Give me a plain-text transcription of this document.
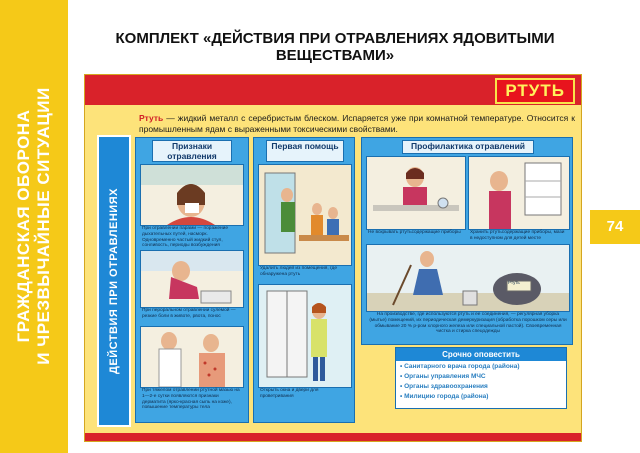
ГРАЖДАНСКАЯ ОБОРОНА И ЧРЕЗВЫЧАЙНЫЕ СИТУАЦИИ	74
КОМПЛЕКТ «ДЕЙСТВИЯ ПРИ ОТРАВЛЕНИЯХ ЯДОВИТЫМИ
ВЕЩЕСТВАМИ»
РТУТЬ
Ртуть — жидкий металл с серебристым блеском. Испаряется уже при комнатной температуре. Относится к промышленным ядам с выраженными токсическими свойствами.
ДЕЙСТВИЯ ПРИ ОТРАВЛЕНИЯХ
Признаки отравления
При отравлении парами — поражение дыхательных путей, насморк. Одновременно частый жидкий стул, сонливость, периоды возбуждения
При пероральном отравлении сулемой — резкие боли в животе, рвота, понос
При тяжелом отравлении ртутной мазью на 1—2-е сутки появляются признаки дерматита (ярко-красная сыпь на коже), повышение температуры тела
Первая помощь
Удалить людей из помещения, где обнаружена ртуть
Открыть окна и двери для проветривания
Профилактика отравлений
Не вскрывать ртутьсодержащие приборы	Хранить ртутьсодержащие приборы, мази в недоступном для детей месте
Ртуть
На производстве, где используются ртуть и ее соединения, — регулярная уборка (мытье) помещений, их периодическая демеркуризация (обработка порошком серы или обмывание 20 % р-ром хлорного железа или специальной пастой). Своевременная чистка и стирка спецодежды
Срочно оповестить
• Санитарного врача города (района)
• Органы управления МЧС
• Органы здравоохранения
• Милицию города (района)
